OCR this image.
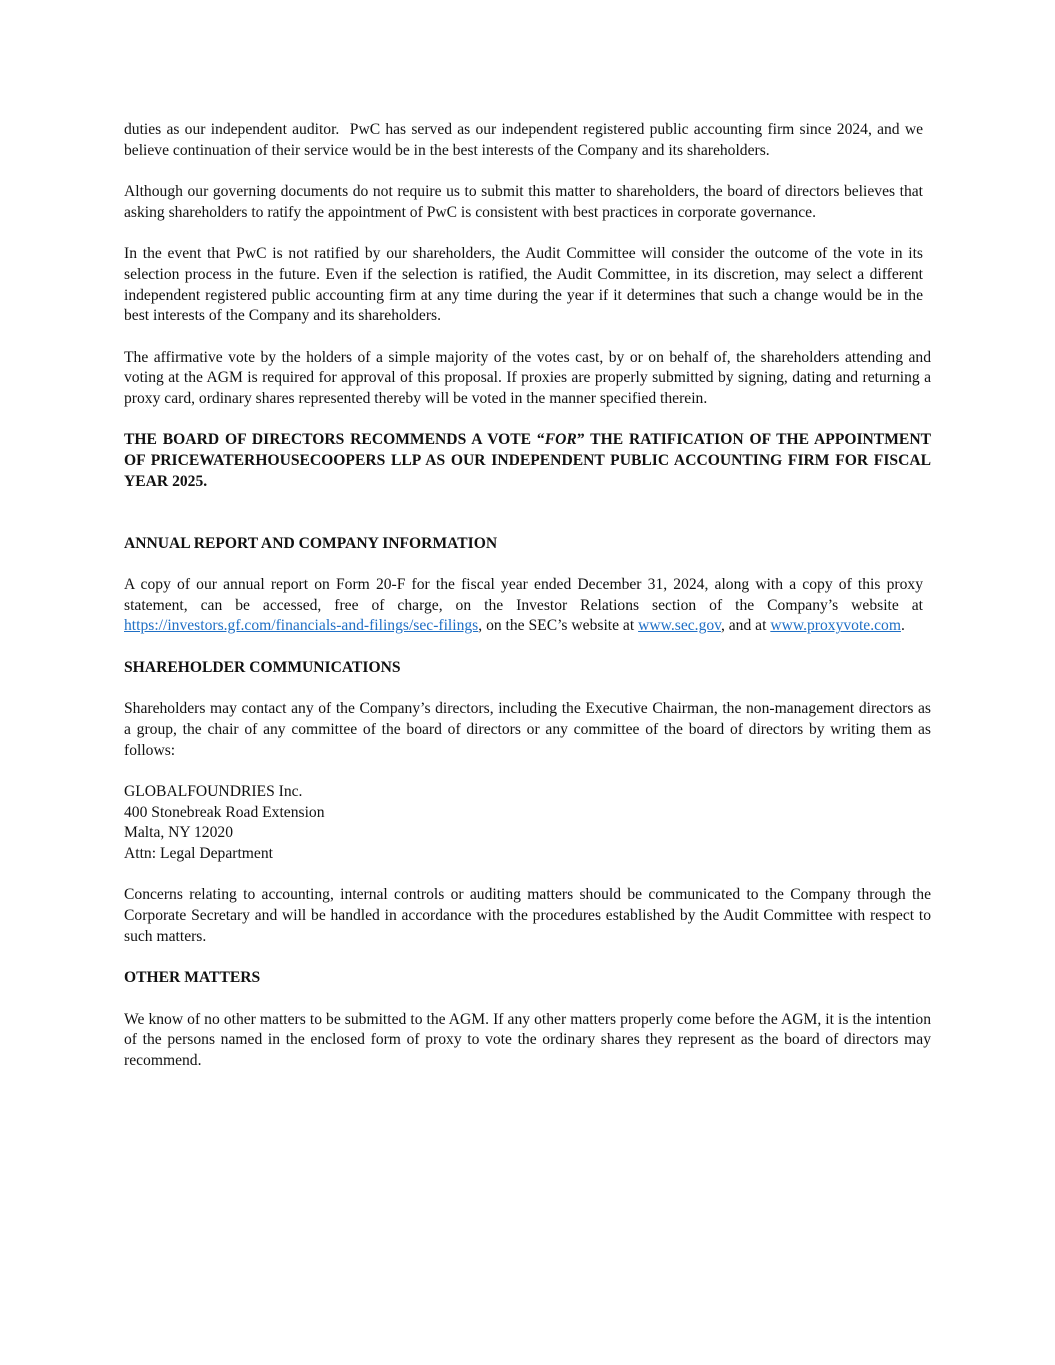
duties as our independent auditor.  PwC has served as our independent registered public accounting firm since 2024, and we believe continuation of their service would be in the best interests of the Company and its shareholders.

Although our governing documents do not require us to submit this matter to shareholders, the board of directors believes that asking shareholders to ratify the appointment of PwC is consistent with best practices in corporate governance.

In the event that PwC is not ratified by our shareholders, the Audit Committee will consider the outcome of the vote in its selection process in the future. Even if the selection is ratified, the Audit Committee, in its discretion, may select a different independent registered public accounting firm at any time during the year if it determines that such a change would be in the best interests of the Company and its shareholders.

The affirmative vote by the holders of a simple majority of the votes cast, by or on behalf of, the shareholders attending and voting at the AGM is required for approval of this proposal. If proxies are properly submitted by signing, dating and returning a proxy card, ordinary shares represented thereby will be voted in the manner specified therein.

THE BOARD OF DIRECTORS RECOMMENDS A VOTE “FOR” THE RATIFICATION OF THE APPOINTMENT OF PRICEWATERHOUSECOOPERS LLP AS OUR INDEPENDENT PUBLIC ACCOUNTING FIRM FOR FISCAL YEAR 2025.

ANNUAL REPORT AND COMPANY INFORMATION

A copy of our annual report on Form 20-F for the fiscal year ended December 31, 2024, along with a copy of this proxy statement, can be accessed, free of charge, on the Investor Relations section of the Company’s website at https://investors.gf.com/financials-and-filings/sec-filings, on the SEC’s website at www.sec.gov, and at www.proxyvote.com.

SHAREHOLDER COMMUNICATIONS

Shareholders may contact any of the Company’s directors, including the Executive Chairman, the non-management directors as a group, the chair of any committee of the board of directors or any committee of the board of directors by writing them as follows:

GLOBALFOUNDRIES Inc.
400 Stonebreak Road Extension
Malta, NY 12020
Attn: Legal Department

Concerns relating to accounting, internal controls or auditing matters should be communicated to the Company through the Corporate Secretary and will be handled in accordance with the procedures established by the Audit Committee with respect to such matters.

OTHER MATTERS

We know of no other matters to be submitted to the AGM. If any other matters properly come before the AGM, it is the intention of the persons named in the enclosed form of proxy to vote the ordinary shares they represent as the board of directors may recommend.
